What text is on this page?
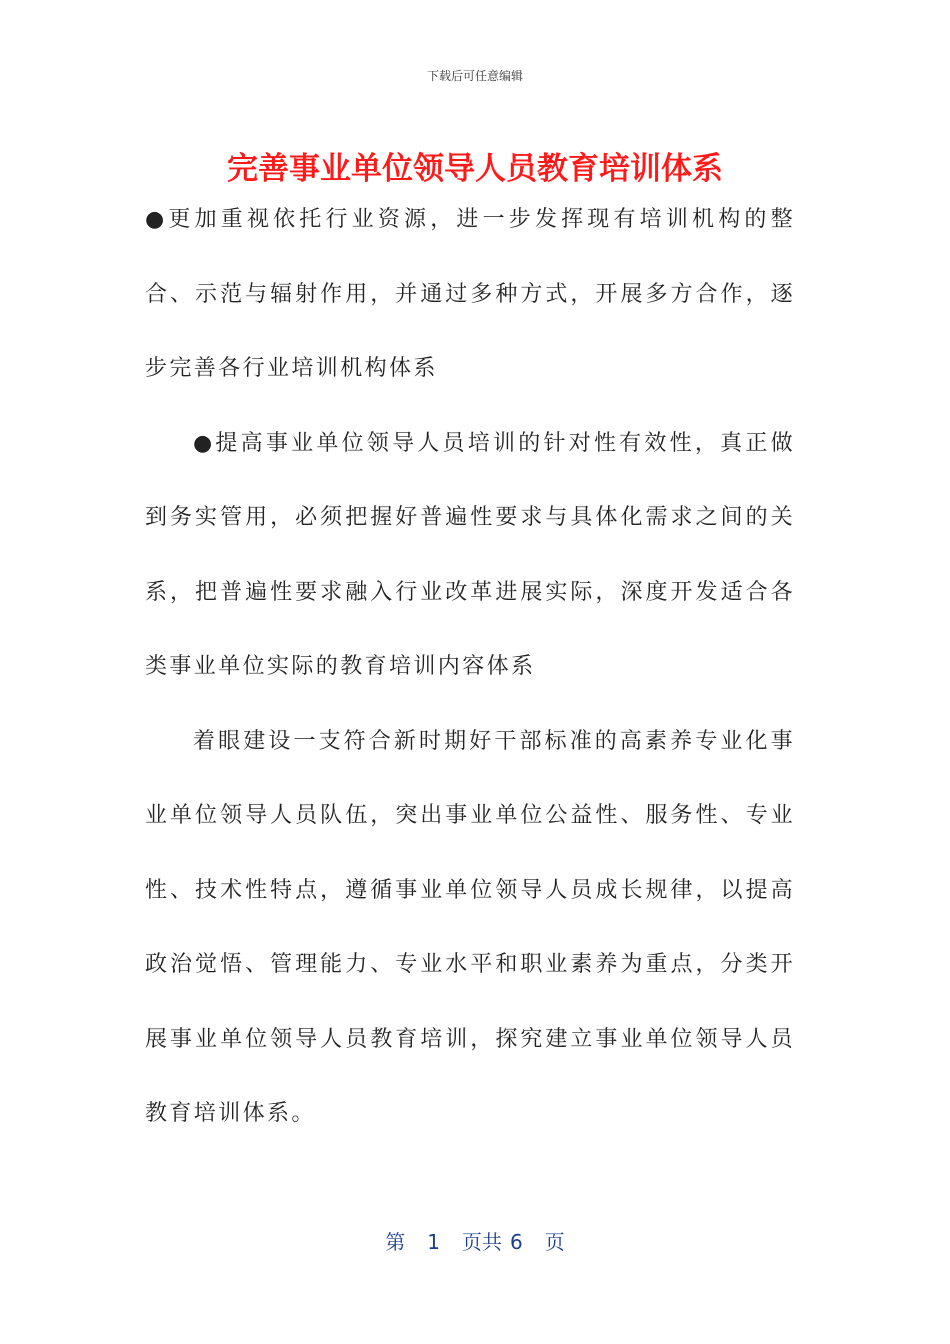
下载后可任意编辑
完善事业单位领导人员教育培训体系

●更加重视依托行业资源，进一步发挥现有培训机构的整合、示范与辐射作用，并通过多种方式，开展多方合作，逐步完善各行业培训机构体系

●提高事业单位领导人员培训的针对性有效性，真正做到务实管用，必须把握好普遍性要求与具体化需求之间的关系，把普遍性要求融入行业改革进展实际，深度开发适合各类事业单位实际的教育培训内容体系

着眼建设一支符合新时期好干部标准的高素养专业化事业单位领导人员队伍，突出事业单位公益性、服务性、专业性、技术性特点，遵循事业单位领导人员成长规律，以提高政治觉悟、管理能力、专业水平和职业素养为重点，分类开展事业单位领导人员教育培训，探究建立事业单位领导人员教育培训体系。

第 1 页共 6 页
